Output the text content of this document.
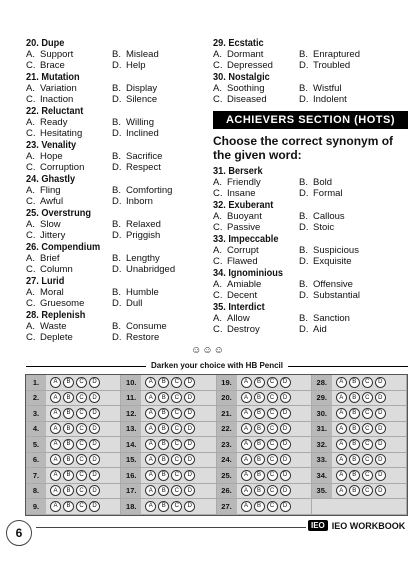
20. Dupe
A. Support	B. Mislead
C. Brace	D. Help
21. Mutation
A. Variation	B. Display
C. Inaction	D. Silence
22. Reluctant
A. Ready	B. Willing
C. Hesitating	D. Inclined
23. Venality
A. Hope	B. Sacrifice
C. Corruption	D. Respect
24. Ghastly
A. Fling	B. Comforting
C. Awful	D. Inborn
25. Overstrung
A. Slow	B. Relaxed
C. Jittery	D. Priggish
26. Compendium
A. Brief	B. Lengthy
C. Column	D. Unabridged
27. Lurid
A. Moral	B. Humble
C. Gruesome	D. Dull
28. Replenish
A. Waste	B. Consume
C. Deplete	D. Restore
29. Ecstatic
A. Dormant	B. Enraptured
C. Depressed	D. Troubled
30. Nostalgic
A. Soothing	B. Wistful
C. Diseased	D. Indolent
ACHIEVERS SECTION (HOTS)
Choose the correct synonym of the given word:
31. Berserk
A. Friendly	B. Bold
C. Insane	D. Formal
32. Exuberant
A. Buoyant	B. Callous
C. Passive	D. Stoic
33. Impeccable
A. Corrupt	B. Suspicious
C. Flawed	D. Exquisite
34. Ignominious
A. Amiable	B. Offensive
C. Decent	D. Substantial
35. Interdict
A. Allow	B. Sanction
C. Destroy	D. Aid
☺☺☺
Darken your choice with HB Pencil
1.	A	B	C	D	10.	A	B	C	D	19.	A	B	C	D	28.	A	B	C	D
2.	A	B	C	D	11.	A	B	C	D	20.	A	B	C	D	29.	A	B	C	D
3.	A	B	C	D	12.	A	B	C	D	21.	A	B	C	D	30.	A	B	C	D
4.	A	B	C	D	13.	A	B	C	D	22.	A	B	C	D	31.	A	B	C	D
5.	A	B	C	D	14.	A	B	C	D	23.	A	B	C	D	32.	A	B	C	D
6.	A	B	C	D	15.	A	B	C	D	24.	A	B	C	D	33.	A	B	C	D
7.	A	B	C	D	16.	A	B	C	D	25.	A	B	C	D	34.	A	B	C	D
8.	A	B	C	D	17.	A	B	C	D	26.	A	B	C	D	35.	A	B	C	D
9.	A	B	C	D	18.	A	B	C	D	27.	A	B	C	D
6
IEO IEO WORKBOOK
